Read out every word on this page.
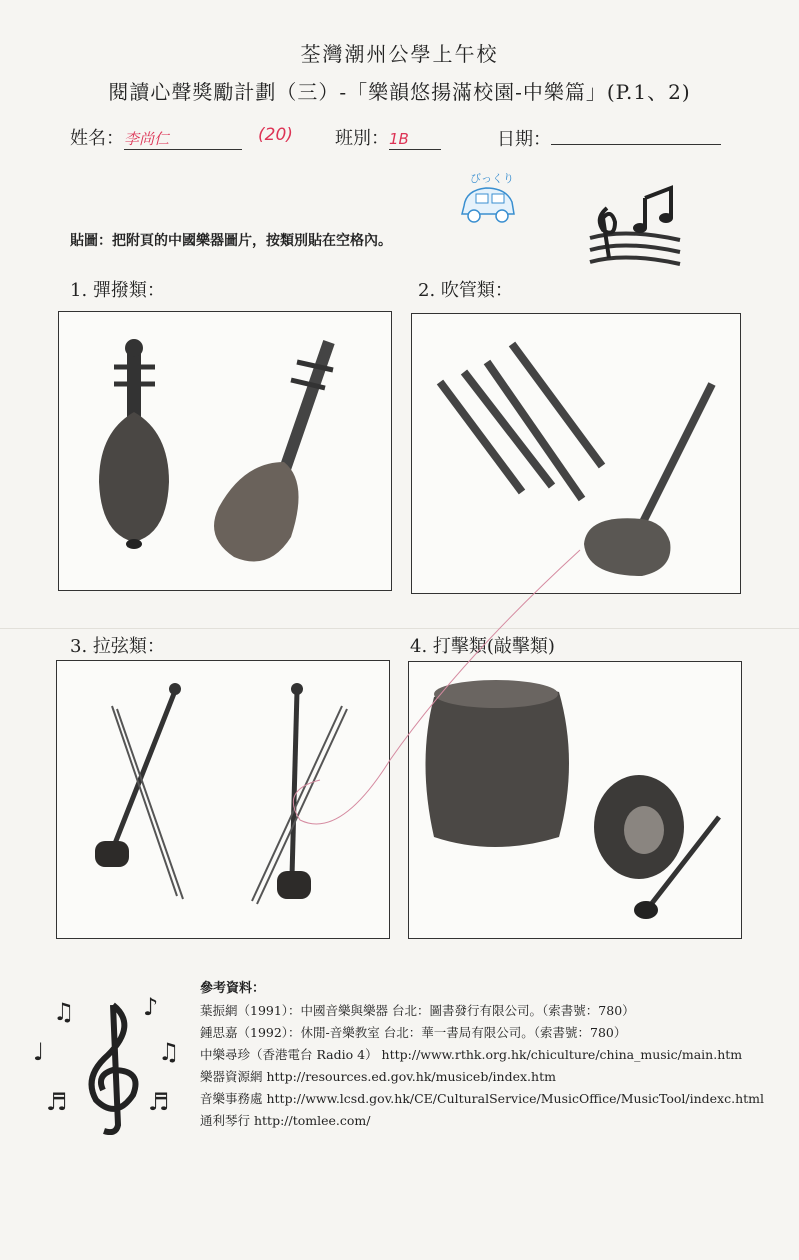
荃灣潮州公學上午校
閱讀心聲獎勵計劃（三）-「樂韻悠揚滿校園-中樂篇」(P.1、2)
姓名：李尚仁	(20) 班別：1B	日期：
びっくり
貼圖：把附頁的中國樂器圖片，按類別貼在空格內。
1. 彈撥類：	2. 吹管類：
3. 拉弦類：	4. 打擊類(敲擊類)
♫	♪
♩	♫
♬	♬
參考資料：
葉振網（1991）：中國音樂與樂器 台北：圖書發行有限公司。（索書號：780）
鍾思嘉（1992）：休閒-音樂教室 台北：華一書局有限公司。（索書號：780）
中樂尋珍（香港電台 Radio 4） http://www.rthk.org.hk/chiculture/china_music/main.htm
樂器資源網 http://resources.ed.gov.hk/musiceb/index.htm
音樂事務處 http://www.lcsd.gov.hk/CE/CulturalService/MusicOffice/MusicTool/indexc.html
通利琴行 http://tomlee.com/
